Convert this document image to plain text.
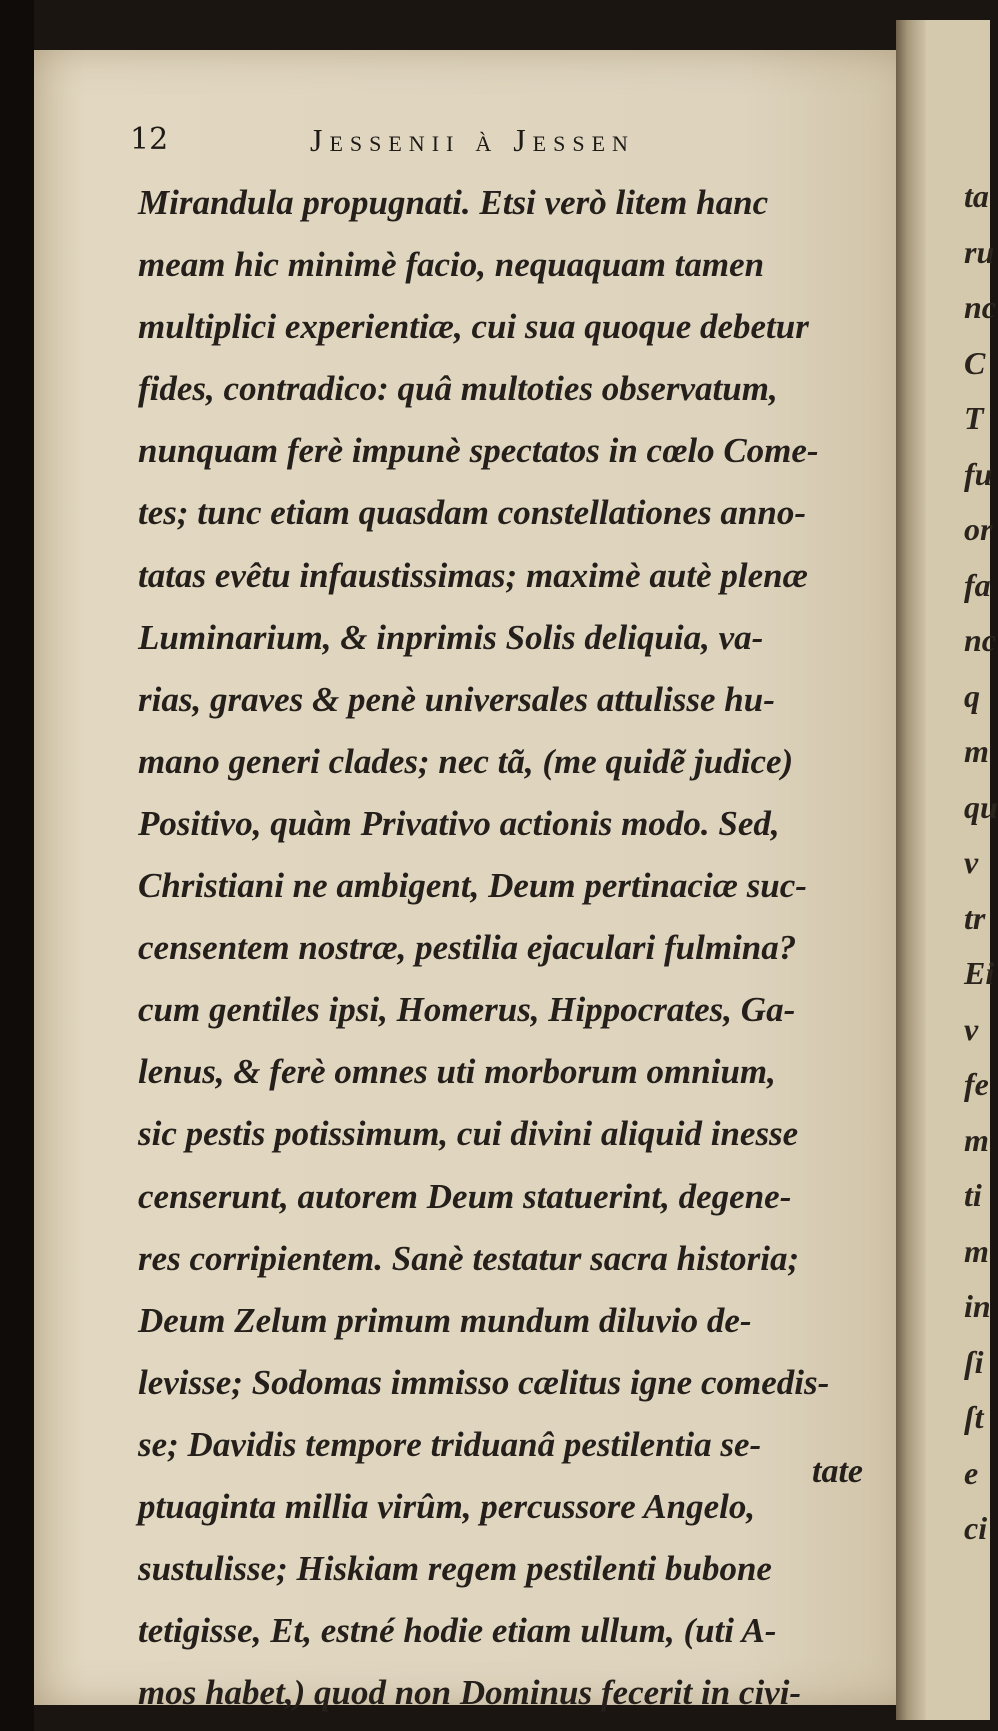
12	Jessenii à Jessen
Mirandula propugnati. Etsi verò litem hanc
meam hic minimè facio, nequaquam tamen
multiplici experientiæ, cui sua quoque debetur
fides, contradico: quâ multoties observatum,
nunquam ferè impunè spectatos in cœlo Come-
tes; tunc etiam quasdam constellationes anno-
tatas evêtu infaustissimas; maximè autè plenæ
Luminarium, & inprimis Solis deliquia, va-
rias, graves & penè universales attulisse hu-
mano generi clades; nec tã, (me quidẽ judice)
Positivo, quàm Privativo actionis modo. Sed,
Christiani ne ambigent, Deum pertinaciæ suc-
censentem nostræ, pestilia ejaculari fulmina?
cum gentiles ipsi, Homerus, Hippocrates, Ga-
lenus, & ferè omnes uti morborum omnium,
sic pestis potissimum, cui divini aliquid inesse
censerunt, autorem Deum statuerint, degene-
res corripientem. Sanè testatur sacra historia;
Deum Zelum primum mundum diluvio de-
levisse; Sodomas immisso cælitus igne comedis-
se; Davidis tempore triduanâ pestilentia se-
ptuaginta millia virûm, percussore Angelo,
sustulisse; Hiskiam regem pestilenti bubone
tetigisse, Et, estné hodie etiam ullum, (uti A-
mos habet,) quod non Dominus fecerit in civi-
tate
ta
ru
nc
C
T
fu
or
fa
nc
q
m
qu
v
tr
Ei
v
fe
m
ti
m
in
ſi
ſt
e
ci
